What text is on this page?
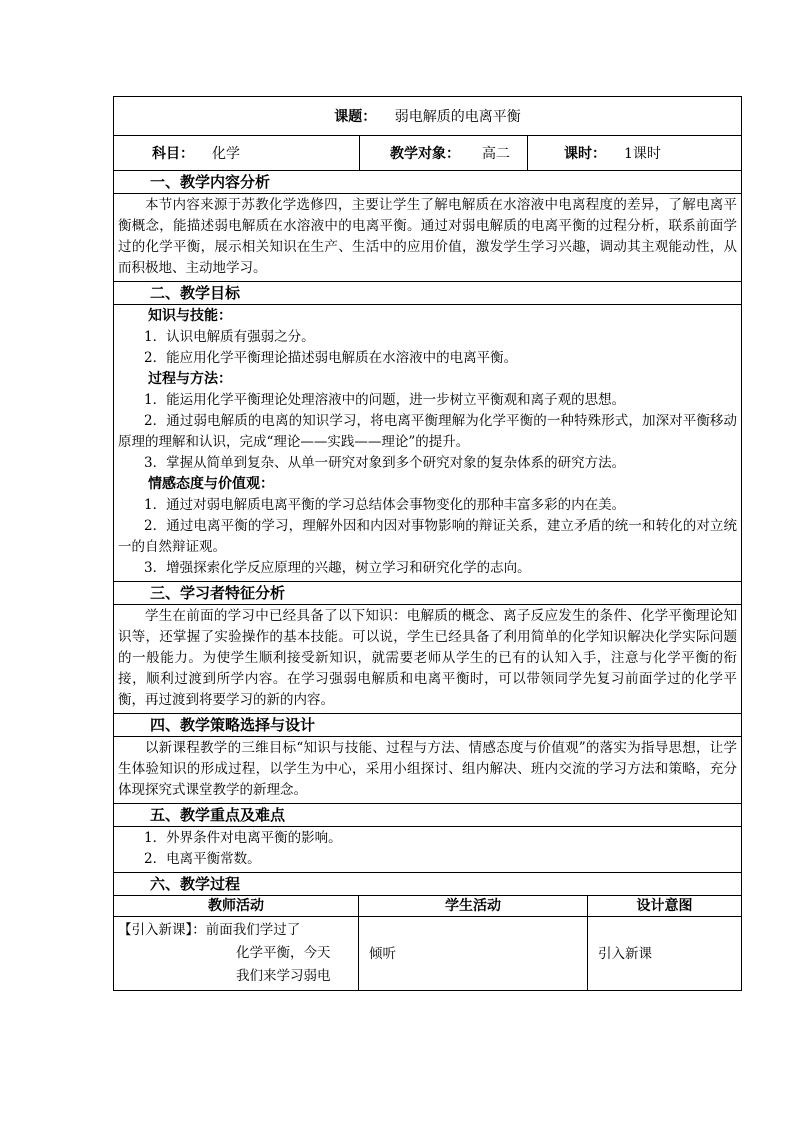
课题： 弱电解质的电离平衡
科目： 化学	教学对象： 高二	课时： 1课时
一、教学内容分析
本节内容来源于苏教化学选修四，主要让学生了解电解质在水溶液中电离程度的差异，了解电离平衡概念，能描述弱电解质在水溶液中的电离平衡。通过对弱电解质的电离平衡的过程分析，联系前面学过的化学平衡，展示相关知识在生产、生活中的应用价值，激发学生学习兴趣，调动其主观能动性，从而积极地、主动地学习。
二、教学目标

知识与技能：
1．认识电解质有强弱之分。
2．能应用化学平衡理论描述弱电解质在水溶液中的电离平衡。
过程与方法：
1．能运用化学平衡理论处理溶液中的问题，进一步树立平衡观和离子观的思想。
2．通过弱电解质的电离的知识学习，将电离平衡理解为化学平衡的一种特殊形式，加深对平衡移动原理的理解和认识，完成“理论——实践——理论”的提升。
3．掌握从简单到复杂、从单一研究对象到多个研究对象的复杂体系的研究方法。
情感态度与价值观：
1．通过对弱电解质电离平衡的学习总结体会事物变化的那种丰富多彩的内在美。
2．通过电离平衡的学习，理解外因和内因对事物影响的辩证关系，建立矛盾的统一和转化的对立统一的自然辩证观。
3．增强探索化学反应原理的兴趣，树立学习和研究化学的志向。

三、学习者特征分析
学生在前面的学习中已经具备了以下知识：电解质的概念、离子反应发生的条件、化学平衡理论知识等，还掌握了实验操作的基本技能。可以说，学生已经具备了利用简单的化学知识解决化学实际问题的一般能力。为使学生顺利接受新知识，就需要老师从学生的已有的认知入手，注意与化学平衡的衔接，顺利过渡到所学内容。在学习强弱电解质和电离平衡时，可以带领同学先复习前面学过的化学平衡，再过渡到将要学习的新的内容。
四、教学策略选择与设计
以新课程教学的三维目标“知识与技能、过程与方法、情感态度与价值观”的落实为指导思想，让学生体验知识的形成过程，以学生为中心，采用小组探讨、组内解决、班内交流的学习方法和策略，充分体现探究式课堂教学的新理念。
五、教学重点及难点

1．外界条件对电离平衡的影响。
2．电离平衡常数。

六、教学过程
教师活动	学生活动	设计意图

【引入新课】：前面我们学过了
化学平衡，今天
我们来学习弱电	倾听	引入新课
